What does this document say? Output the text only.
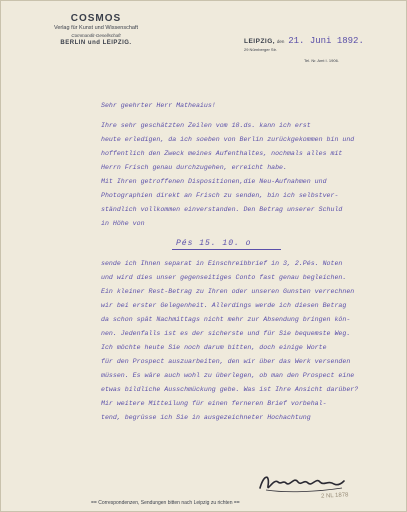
COSMOS
Verlag für Kunst und Wissenschaft
Commandit-Gesellschaft
BERLIN und LEIPZIG.	LEIPZIG, den 21. Juni 1892.
29 Nürnberger Str.
Tel. Nr. Amt I. 1906.
Sehr geehrter Herr Matheaius!
Ihre sehr geschätzten Zeilen vom 18.ds. kann ich erst
heute erledigen, da ich soeben von Berlin zurückgekommen bin und
hoffentlich den Zweck meines Aufenthaltes, nochmals alles mit
Herrn Frisch genau durchzugehen, erreicht habe.
Mit Ihren getroffenen Dispositionen,die Neu-Aufnahmen und
Photographien direkt an Frisch zu senden, bin ich selbstver-
ständlich vollkommen einverstanden. Den Betrag unserer Schuld
in Höhe von
Pés 15. 10. o
sende ich Ihnen separat in Einschreibbrief in 3, 2.Pés. Noten
und wird dies unser gegenseitiges Conto fast genau begleichen.
Ein kleiner Rest-Betrag zu Ihren oder unseren Gunsten verrechnen
wir bei erster Gelegenheit. Allerdings werde ich diesen Betrag
da schon spät Nachmittags nicht mehr zur Absendung bringen kön-
nen. Jedenfalls ist es der sicherste und für Sie bequemste Weg.
Ich möchte heute Sie noch darum bitten, doch einige Worte
für den Prospect auszuarbeiten, den wir über das Werk versenden
müssen. Es wäre auch wohl zu überlegen, ob man den Prospect eine
etwas bildliche Ausschmückung gebe. Was ist Ihre Ansicht darüber?
Mir weitere Mitteilung für einen ferneren Brief vorbehal-
tend, begrüsse ich Sie in ausgezeichneter Hochachtung
2 NL 1878
== Correspondenzen, Sendungen bitten nach Leipzig zu richten ==
